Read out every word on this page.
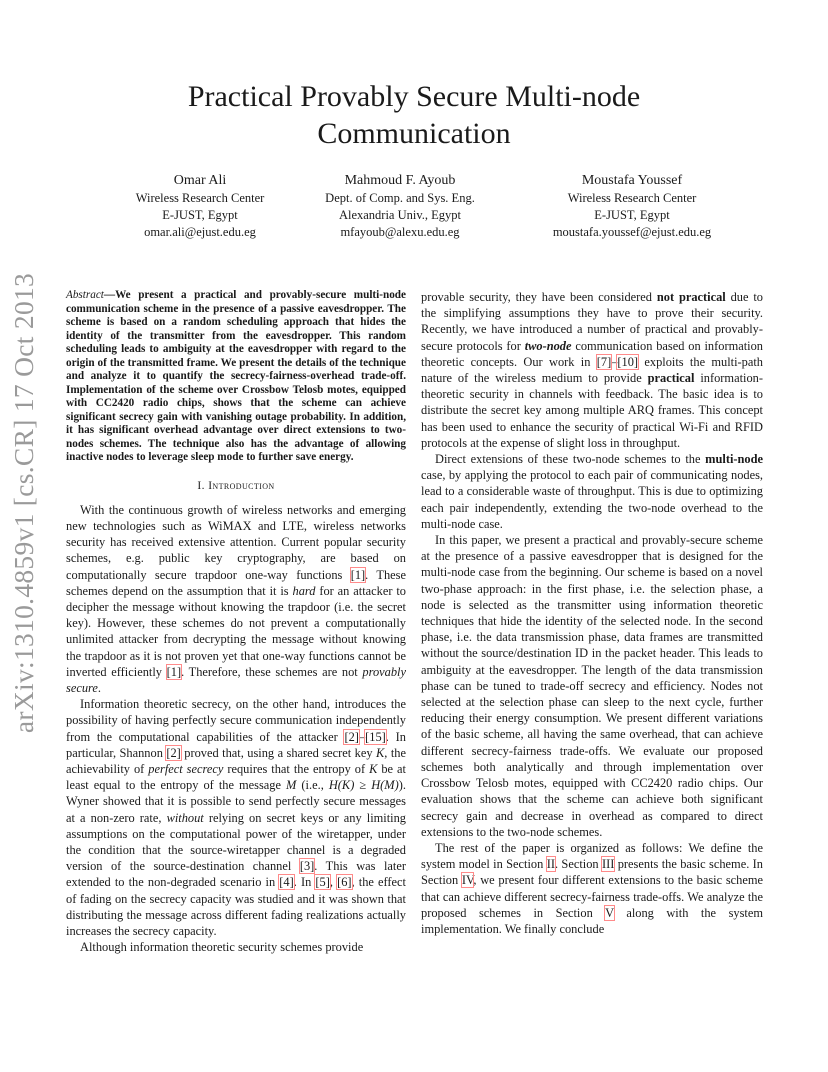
arXiv:1310.4859v1 [cs.CR] 17 Oct 2013
Practical Provably Secure Multi-node
Communication
Omar Ali
Wireless Research Center
E-JUST, Egypt
omar.ali@ejust.edu.eg
Mahmoud F. Ayoub
Dept. of Comp. and Sys. Eng.
Alexandria Univ., Egypt
mfayoub@alexu.edu.eg
Moustafa Youssef
Wireless Research Center
E-JUST, Egypt
moustafa.youssef@ejust.edu.eg

Abstract—We present a practical and provably-secure multi-node communication scheme in the presence of a passive eavesdropper. The scheme is based on a random scheduling approach that hides the identity of the transmitter from the eavesdropper. This random scheduling leads to ambiguity at the eavesdropper with regard to the origin of the transmitted frame. We present the details of the technique and analyze it to quantify the secrecy-fairness-overhead trade-off. Implementation of the scheme over Crossbow Telosb motes, equipped with CC2420 radio chips, shows that the scheme can achieve significant secrecy gain with vanishing outage probability. In addition, it has significant overhead advantage over direct extensions to two-nodes schemes. The technique also has the advantage of allowing inactive nodes to leverage sleep mode to further save energy.

I. Introduction

With the continuous growth of wireless networks and emerging new technologies such as WiMAX and LTE, wireless networks security has received extensive attention. Current popular security schemes, e.g. public key cryptography, are based on computationally secure trapdoor one-way functions [1]. These schemes depend on the assumption that it is hard for an attacker to decipher the message without knowing the trapdoor (i.e. the secret key). However, these schemes do not prevent a computationally unlimited attacker from decrypting the message without knowing the trapdoor as it is not proven yet that one-way functions cannot be inverted efficiently [1]. Therefore, these schemes are not provably secure.

Information theoretic secrecy, on the other hand, introduces the possibility of having perfectly secure communication independently from the computational capabilities of the attacker [2]–[15]. In particular, Shannon [2] proved that, using a shared secret key K, the achievability of perfect secrecy requires that the entropy of K be at least equal to the entropy of the message M (i.e., H(K) ≥ H(M)). Wyner showed that it is possible to send perfectly secure messages at a non-zero rate, without relying on secret keys or any limiting assumptions on the computational power of the wiretapper, under the condition that the source-wiretapper channel is a degraded version of the source-destination channel [3]. This was later extended to the non-degraded scenario in [4]. In [5], [6], the effect of fading on the secrecy capacity was studied and it was shown that distributing the message across different fading realizations actually increases the secrecy capacity.

Although information theoretic security schemes provide

provable security, they have been considered not practical due to the simplifying assumptions they have to prove their security. Recently, we have introduced a number of practical and provably-secure protocols for two-node communication based on information theoretic concepts. Our work in [7]–[10] exploits the multi-path nature of the wireless medium to provide practical information-theoretic security in channels with feedback. The basic idea is to distribute the secret key among multiple ARQ frames. This concept has been used to enhance the security of practical Wi-Fi and RFID protocols at the expense of slight loss in throughput.

Direct extensions of these two-node schemes to the multi-node case, by applying the protocol to each pair of communicating nodes, lead to a considerable waste of throughput. This is due to optimizing each pair independently, extending the two-node overhead to the multi-node case.

In this paper, we present a practical and provably-secure scheme at the presence of a passive eavesdropper that is designed for the multi-node case from the beginning. Our scheme is based on a novel two-phase approach: in the first phase, i.e. the selection phase, a node is selected as the transmitter using information theoretic techniques that hide the identity of the selected node. In the second phase, i.e. the data transmission phase, data frames are transmitted without the source/destination ID in the packet header. This leads to ambiguity at the eavesdropper. The length of the data transmission phase can be tuned to trade-off secrecy and efficiency. Nodes not selected at the selection phase can sleep to the next cycle, further reducing their energy consumption. We present different variations of the basic scheme, all having the same overhead, that can achieve different secrecy-fairness trade-offs. We evaluate our proposed schemes both analytically and through implementation over Crossbow Telosb motes, equipped with CC2420 radio chips. Our evaluation shows that the scheme can achieve both significant secrecy gain and decrease in overhead as compared to direct extensions to the two-node schemes.

The rest of the paper is organized as follows: We define the system model in Section II. Section III presents the basic scheme. In Section IV, we present four different extensions to the basic scheme that can achieve different secrecy-fairness trade-offs. We analyze the proposed schemes in Section V along with the system implementation. We finally conclude
